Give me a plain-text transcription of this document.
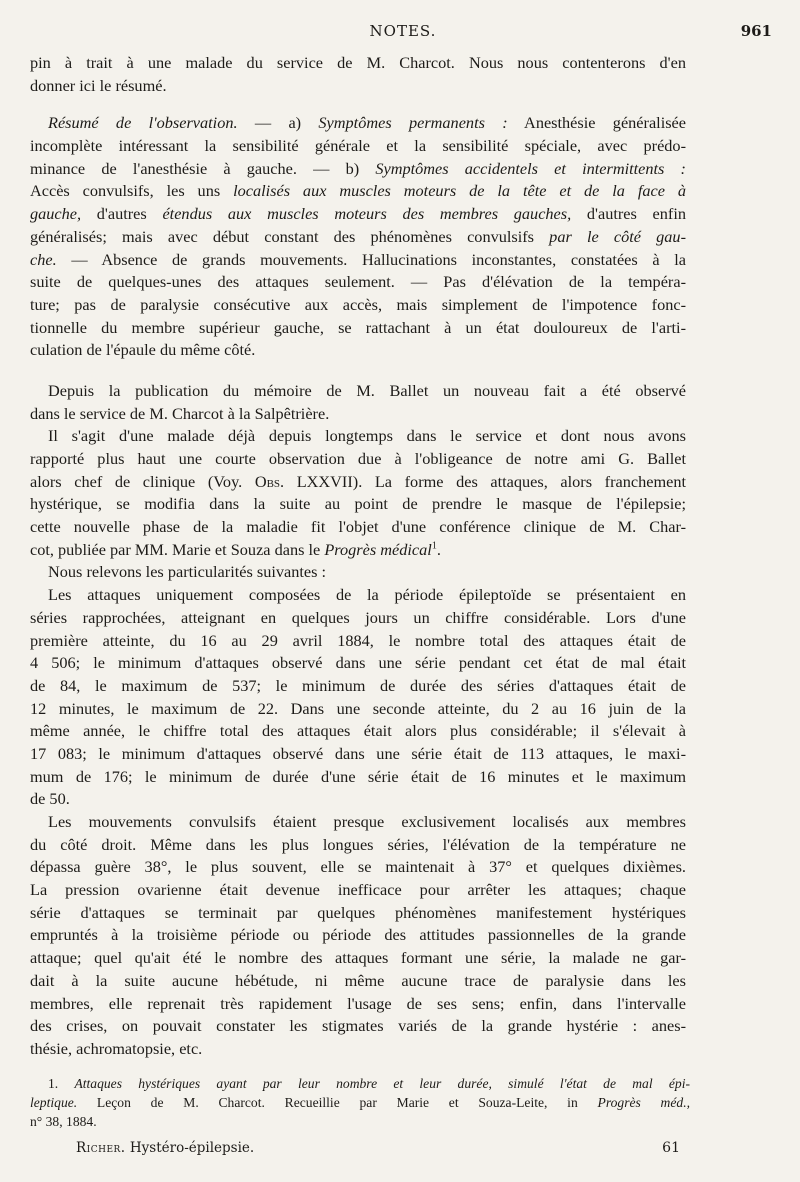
NOTES.	961
pin à trait à une malade du service de M. Charcot. Nous nous contenterons d'en
donner ici le résumé.
Résumé de l'observation. — a) Symptômes permanents : Anesthésie généralisée
incomplète intéressant la sensibilité générale et la sensibilité spéciale, avec prédo-
minance de l'anesthésie à gauche. — b) Symptômes accidentels et intermittents :
Accès convulsifs, les uns localisés aux muscles moteurs de la tête et de la face à
gauche, d'autres étendus aux muscles moteurs des membres gauches, d'autres enfin
généralisés; mais avec début constant des phénomènes convulsifs par le côté gau-
che. — Absence de grands mouvements. Hallucinations inconstantes, constatées à la
suite de quelques-unes des attaques seulement. — Pas d'élévation de la tempéra-
ture; pas de paralysie consécutive aux accès, mais simplement de l'impotence fonc-
tionnelle du membre supérieur gauche, se rattachant à un état douloureux de l'arti-
culation de l'épaule du même côté.
Depuis la publication du mémoire de M. Ballet un nouveau fait a été observé
dans le service de M. Charcot à la Salpêtrière.
Il s'agit d'une malade déjà depuis longtemps dans le service et dont nous avons
rapporté plus haut une courte observation due à l'obligeance de notre ami G. Ballet
alors chef de clinique (Voy. Obs. LXXVII). La forme des attaques, alors franchement
hystérique, se modifia dans la suite au point de prendre le masque de l'épilepsie;
cette nouvelle phase de la maladie fit l'objet d'une conférence clinique de M. Char-
cot, publiée par MM. Marie et Souza dans le Progrès médical$^1$.
Nous relevons les particularités suivantes :
Les attaques uniquement composées de la période épileptoïde se présentaient en
séries rapprochées, atteignant en quelques jours un chiffre considérable. Lors d'une
première atteinte, du 16 au 29 avril 1884, le nombre total des attaques était de
4 506; le minimum d'attaques observé dans une série pendant cet état de mal était
de 84, le maximum de 537; le minimum de durée des séries d'attaques était de
12 minutes, le maximum de 22. Dans une seconde atteinte, du 2 au 16 juin de la
même année, le chiffre total des attaques était alors plus considérable; il s'élevait à
17 083; le minimum d'attaques observé dans une série était de 113 attaques, le maxi-
mum de 176; le minimum de durée d'une série était de 16 minutes et le maximum
de 50.
Les mouvements convulsifs étaient presque exclusivement localisés aux membres
du côté droit. Même dans les plus longues séries, l'élévation de la température ne
dépassa guère 38°, le plus souvent, elle se maintenait à 37° et quelques dixièmes.
La pression ovarienne était devenue inefficace pour arrêter les attaques; chaque
série d'attaques se terminait par quelques phénomènes manifestement hystériques
empruntés à la troisième période ou période des attitudes passionnelles de la grande
attaque; quel qu'ait été le nombre des attaques formant une série, la malade ne gar-
dait à la suite aucune hébétude, ni même aucune trace de paralysie dans les
membres, elle reprenait très rapidement l'usage de ses sens; enfin, dans l'intervalle
des crises, on pouvait constater les stigmates variés de la grande hystérie : anes-
thésie, achromatopsie, etc.
1. Attaques hystériques ayant par leur nombre et leur durée, simulé l'état de mal épi-
leptique. Leçon de M. Charcot. Recueillie par Marie et Souza-Leite, in Progrès méd.,
n° 38, 1884.
Richer. Hystéro-épilepsie.	61
